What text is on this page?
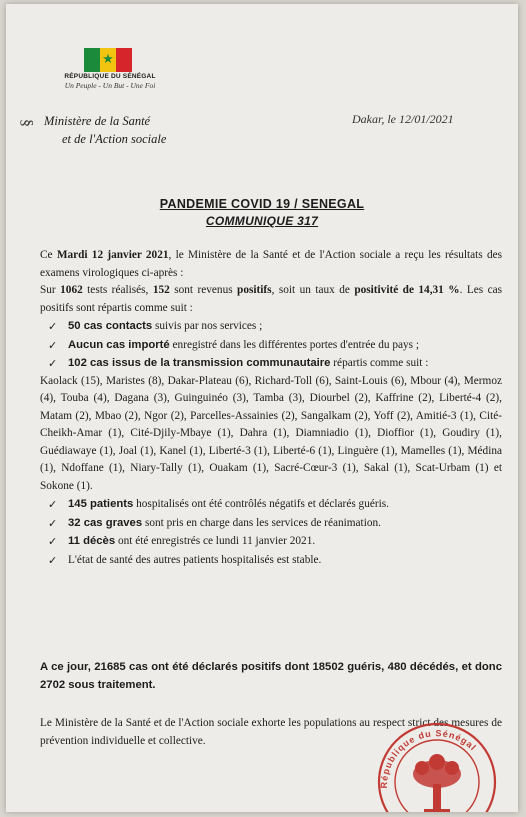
★
RÉPUBLIQUE DU SÉNÉGAL
Un Peuple - Un But - Une Foi
§ Ministère de la Santé
et de l'Action sociale
Dakar, le 12/01/2021
PANDEMIE COVID 19 / SENEGAL
COMMUNIQUE 317

Ce Mardi 12 janvier 2021, le Ministère de la Santé et de l'Action sociale a reçu les résultats des examens virologiques ci-après :

Sur 1062 tests réalisés, 152 sont revenus positifs, soit un taux de positivité de 14,31 %. Les cas positifs sont répartis comme suit :

✓ 50 cas contacts suivis par nos services ;
✓ Aucun cas importé enregistré dans les différentes portes d'entrée du pays ;
✓ 102 cas issus de la transmission communautaire répartis comme suit :

Kaolack (15), Maristes (8), Dakar-Plateau (6), Richard-Toll (6), Saint-Louis (6), Mbour (4), Mermoz (4), Touba (4), Dagana (3), Guinguinéo (3), Tamba (3), Diourbel (2), Kaffrine (2), Liberté-4 (2), Matam (2), Mbao (2), Ngor (2), Parcelles-Assainies (2), Sangalkam (2), Yoff (2), Amitié-3 (1), Cité-Cheikh-Amar (1), Cité-Djily-Mbaye (1), Dahra (1), Diamniadio (1), Dioffior (1), Goudiry (1), Guédiawaye (1), Joal (1), Kanel (1), Liberté-3 (1), Liberté-6 (1), Linguère (1), Mamelles (1), Médina (1), Ndoffane (1), Niary-Tally (1), Ouakam (1), Sacré-Cœur-3 (1), Sakal (1), Scat-Urbam (1) et Sokone (1).

✓ 145 patients hospitalisés ont été contrôlés négatifs et déclarés guéris.
✓ 32 cas graves sont pris en charge dans les services de réanimation.
✓ 11 décès ont été enregistrés ce lundi 11 janvier 2021.
✓ L'état de santé des autres patients hospitalisés est stable.

A ce jour, 21685 cas ont été déclarés positifs dont 18502 guéris, 480 décédés, et donc 2702 sous traitement.

Le Ministère de la Santé et de l'Action sociale exhorte les populations au respect strict des mesures de prévention individuelle et collective.

République du Sénégal
